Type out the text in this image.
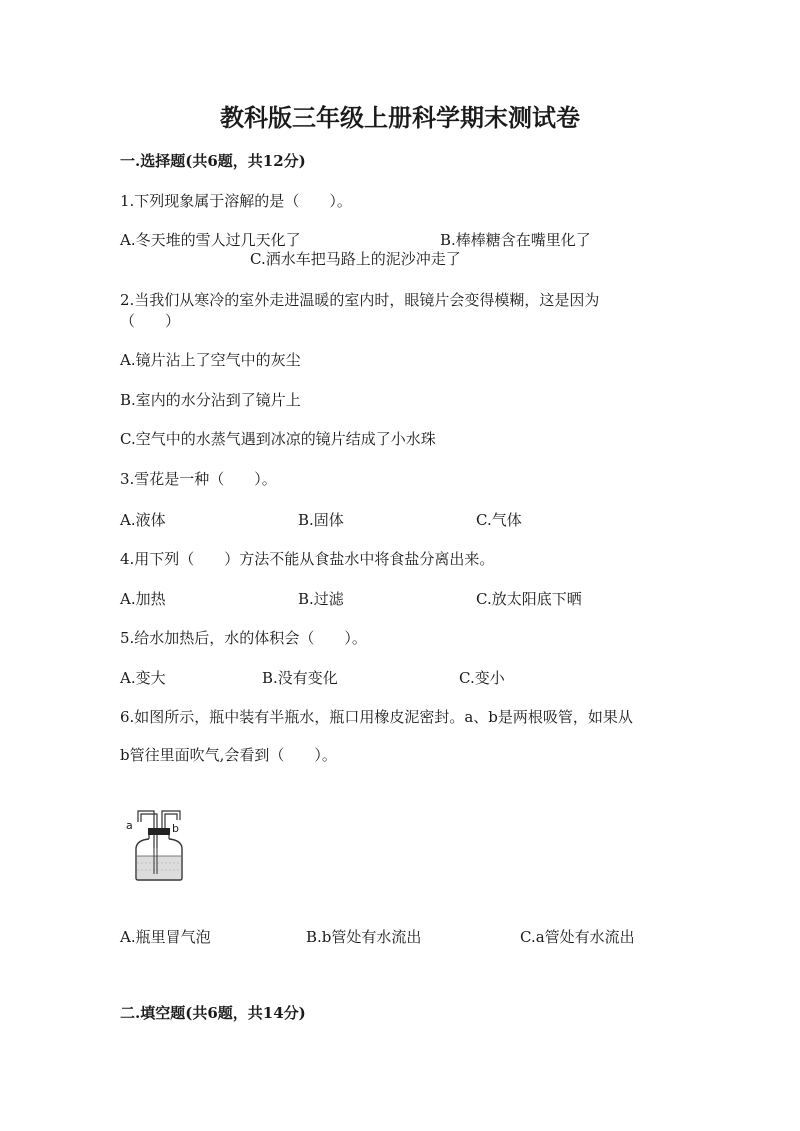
教科版三年级上册科学期末测试卷
一.选择题(共6题，共12分)
1.下列现象属于溶解的是（　　）。
A.冬天堆的雪人过几天化了	B.棒棒糖含在嘴里化了
C.洒水车把马路上的泥沙冲走了
2.当我们从寒冷的室外走进温暖的室内时，眼镜片会变得模糊，这是因为
（　　）
A.镜片沾上了空气中的灰尘
B.室内的水分沾到了镜片上
C.空气中的水蒸气遇到冰凉的镜片结成了小水珠
3.雪花是一种（　　）。
A.液体	B.固体	C.气体
4.用下列（　　）方法不能从食盐水中将食盐分离出来。
A.加热	B.过滤	C.放太阳底下晒
5.给水加热后，水的体积会（　　）。
A.变大	B.没有变化	C.变小
6.如图所示，瓶中装有半瓶水，瓶口用橡皮泥密封。a、b是两根吸管，如果从
b管往里面吹气,会看到（　　）。
a	b
A.瓶里冒气泡	B.b管处有水流出	C.a管处有水流出
二.填空题(共6题，共14分)
